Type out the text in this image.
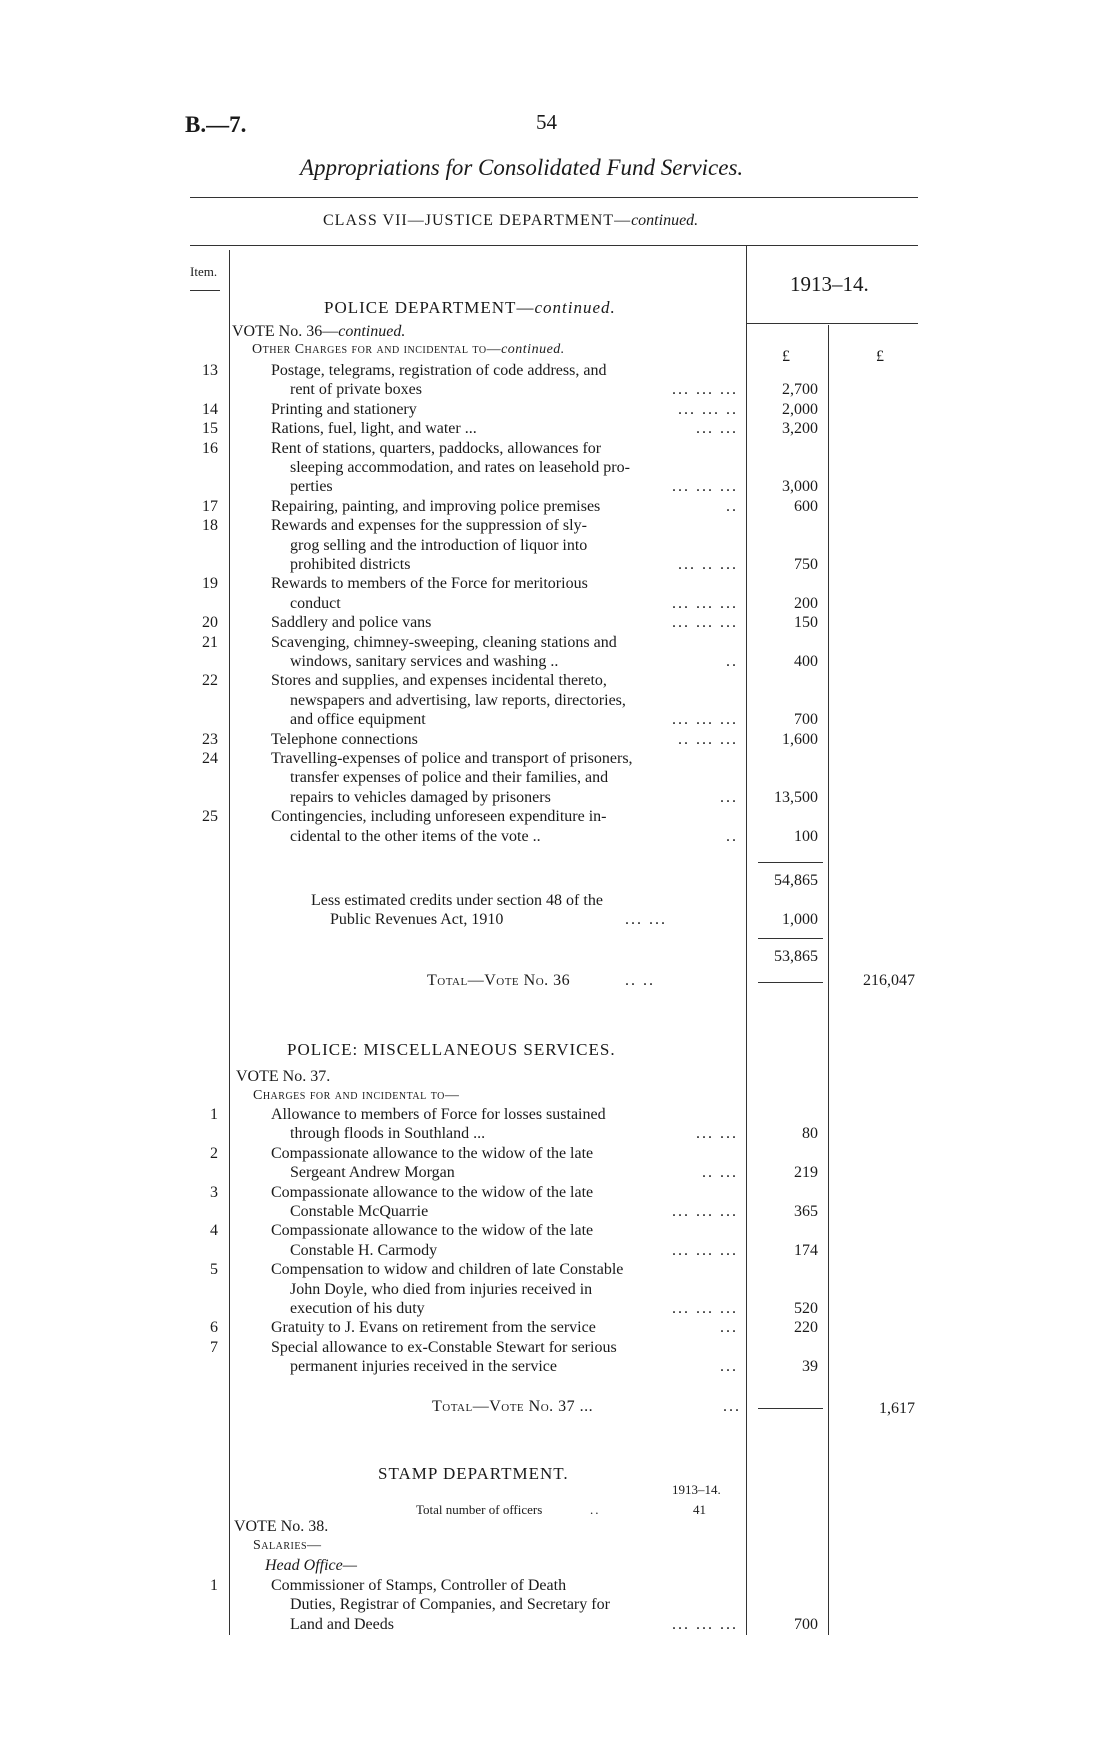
B.—7.	54
Appropriations for Consolidated Fund Services.
CLASS VII—JUSTICE DEPARTMENT—continued.
Item.
1913–14.
£	£
POLICE DEPARTMENT—continued.
VOTE No. 36—continued.
Other Charges for and incidental to—continued.
13	Postage, telegrams, registration of code address, and
rent of private boxes	... ... ...	2,700
14	Printing and stationery	... ... ..	2,000
15	Rations, fuel, light, and water ...	... ...	3,200
16	Rent of stations, quarters, paddocks, allowances for
sleeping accommodation, and rates on leasehold pro-
perties	... ... ...	3,000
17	Repairing, painting, and improving police premises	..	600
18	Rewards and expenses for the suppression of sly-
grog selling and the introduction of liquor into
prohibited districts	... .. ...	750
19	Rewards to members of the Force for meritorious
conduct	... ... ...	200
20	Saddlery and police vans	... ... ...	150
21	Scavenging, chimney-sweeping, cleaning stations and
windows, sanitary services and washing ..	..	400
22	Stores and supplies, and expenses incidental thereto,
newspapers and advertising, law reports, directories,
and office equipment	... ... ...	700
23	Telephone connections	.. ... ...	1,600
24	Travelling-expenses of police and transport of prisoners,
transfer expenses of police and their families, and
repairs to vehicles damaged by prisoners	...	13,500
25	Contingencies, including unforeseen expenditure in-
cidental to the other items of the vote ..	..	100
54,865
Less estimated credits under section 48 of the
Public Revenues Act, 1910	... ...	1,000
53,865
Total—Vote No. 36	.. ..	216,047
POLICE: MISCELLANEOUS SERVICES.
VOTE No. 37.
Charges for and incidental to—
1	Allowance to members of Force for losses sustained
through floods in Southland ...	... ...	80
2	Compassionate allowance to the widow of the late
Sergeant Andrew Morgan	.. ...	219
3	Compassionate allowance to the widow of the late
Constable McQuarrie	... ... ...	365
4	Compassionate allowance to the widow of the late
Constable H. Carmody	... ... ...	174
5	Compensation to widow and children of late Constable
John Doyle, who died from injuries received in
execution of his duty	... ... ...	520
6	Gratuity to J. Evans on retirement from the service	...	220
7	Special allowance to ex-Constable Stewart for serious
permanent injuries received in the service	...	39
Total—Vote No. 37 ...	...	1,617
STAMP DEPARTMENT.
1913–14.
Total number of officers	..	41
VOTE No. 38.
Salaries—
Head Office—
1	Commissioner of Stamps, Controller of Death
Duties, Registrar of Companies, and Secretary for
Land and Deeds	... ... ...	700
